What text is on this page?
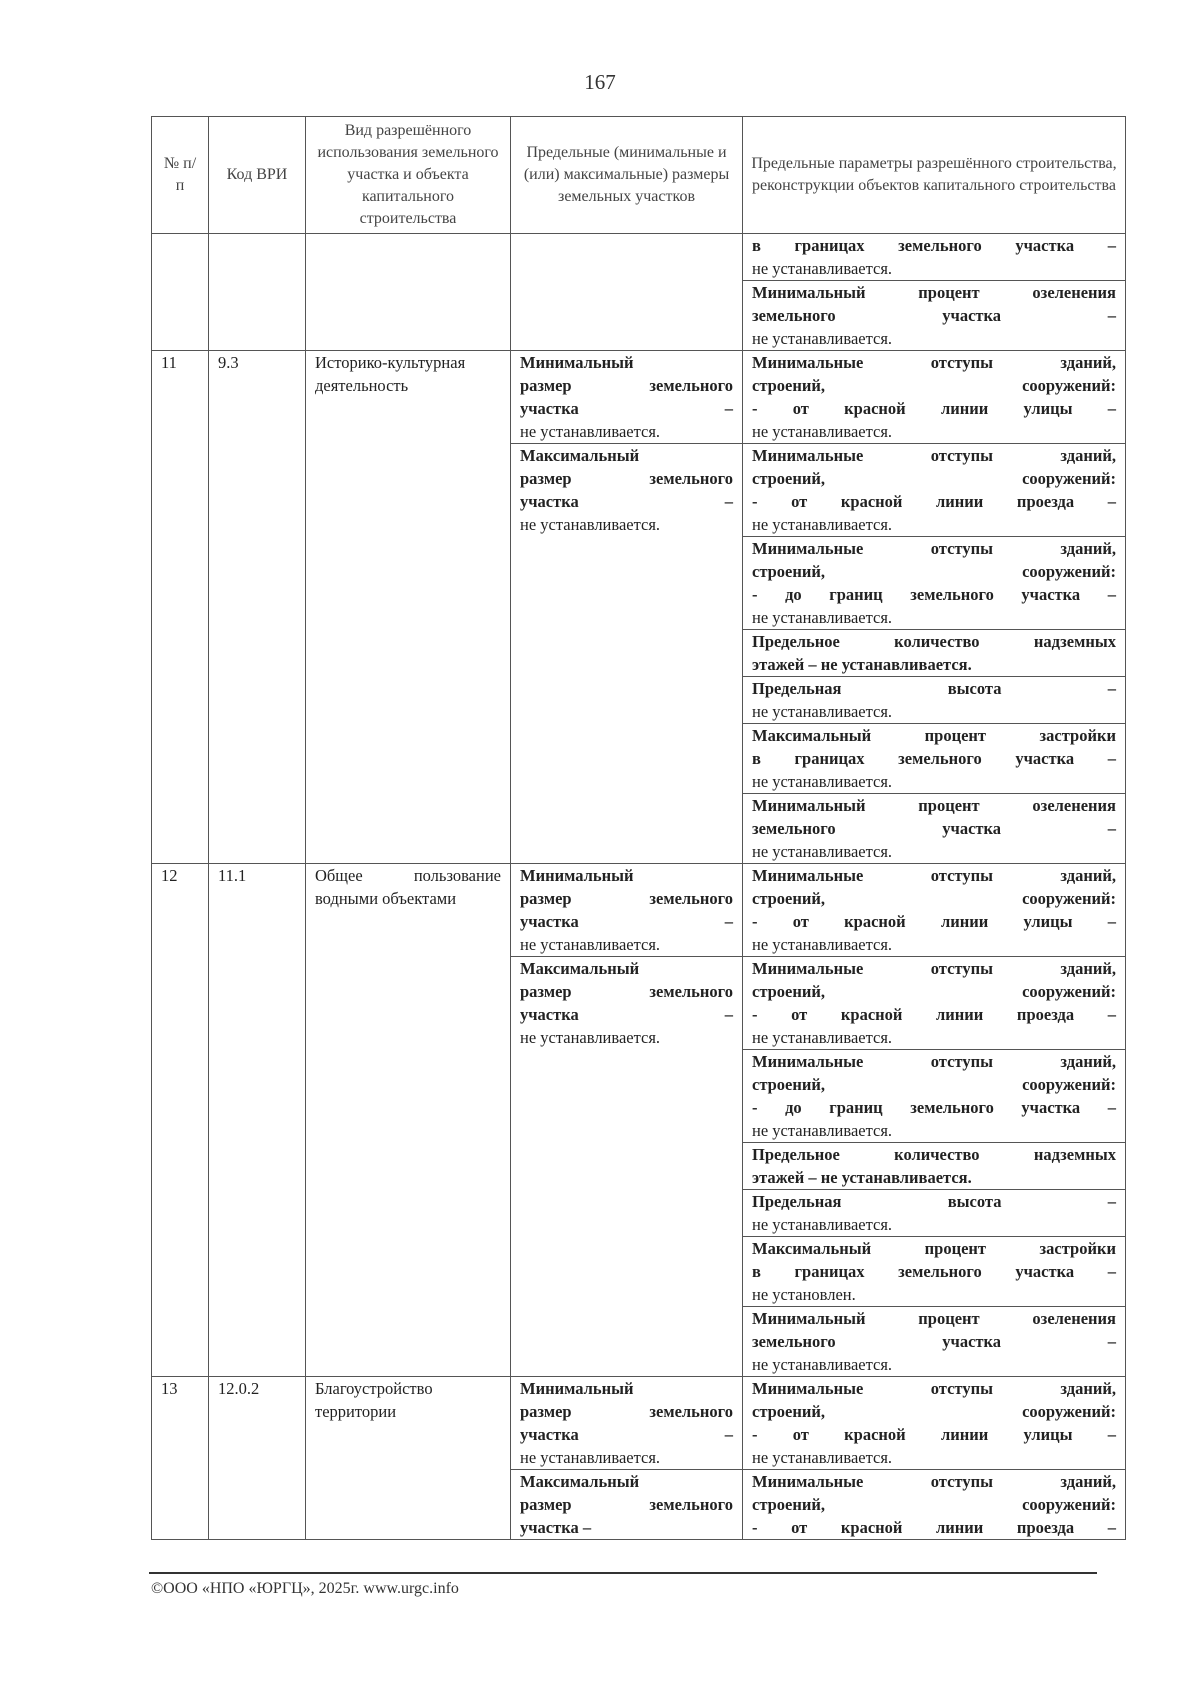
167
№ п/п	Код ВРИ	Вид разрешённого использования земельного участка и объекта капитального строительства	Предельные (минимальные и (или) максимальные) размеры земельных участков	Предельные параметры разрешённого строительства, реконструкции объектов капитального строительства

				в границах земельного участка –
не устанавливается.

				Минимальный процент озеленения
земельного участка –
не устанавливается.

11	9.3	Историко-культурная
деятельность	Минимальный
размер земельного
участка –
не устанавливается.	Минимальные отступы зданий,
строений, сооружений:
- от красной линии улицы –
не устанавливается.

			Максимальный
размер земельного
участка –
не устанавливается.	Минимальные отступы зданий,
строений, сооружений:
- от красной линии проезда –
не устанавливается.

				Минимальные отступы зданий,
строений, сооружений:
- до границ земельного участка –
не устанавливается.

				Предельное количество надземных
этажей – не устанавливается.

				Предельная высота –
не устанавливается.

				Максимальный процент застройки
в границах земельного участка –
не устанавливается.

				Минимальный процент озеленения
земельного участка –
не устанавливается.

12	11.1	Общее пользование
водными объектами	Минимальный
размер земельного
участка –
не устанавливается.	Минимальные отступы зданий,
строений, сооружений:
- от красной линии улицы –
не устанавливается.

			Максимальный
размер земельного
участка –
не устанавливается.	Минимальные отступы зданий,
строений, сооружений:
- от красной линии проезда –
не устанавливается.

				Минимальные отступы зданий,
строений, сооружений:
- до границ земельного участка –
не устанавливается.

				Предельное количество надземных
этажей – не устанавливается.

				Предельная высота –
не устанавливается.

				Максимальный процент застройки
в границах земельного участка –
не установлен.

				Минимальный процент озеленения
земельного участка –
не устанавливается.

13	12.0.2	Благоустройство
территории	Минимальный
размер земельного
участка –
не устанавливается.	Минимальные отступы зданий,
строений, сооружений:
- от красной линии улицы –
не устанавливается.

			Максимальный
размер земельного
участка –	Минимальные отступы зданий,
строений, сооружений:
- от красной линии проезда –
©ООО «НПО «ЮРГЦ», 2025г. www.urgc.info
